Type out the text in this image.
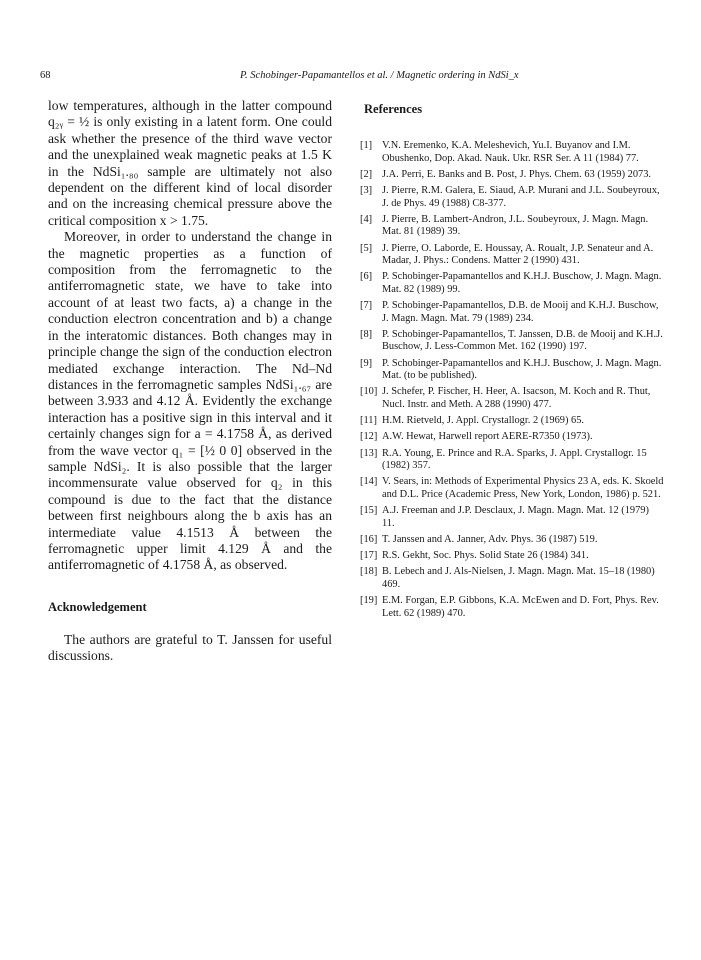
68	P. Schobinger-Papamantellos et al. / Magnetic ordering in NdSi_x

low temperatures, although in the latter compound q₂ᵧ = ½ is only existing in a latent form. One could ask whether the presence of the third wave vector and the unexplained weak magnetic peaks at 1.5 K in the NdSi₁.₈₀ sample are ultimately not also dependent on the different kind of local disorder and on the increasing chemical pressure above the critical composition x > 1.75.

Moreover, in order to understand the change in the magnetic properties as a function of composition from the ferromagnetic to the antiferromagnetic state, we have to take into account of at least two facts, a) a change in the conduction electron concentration and b) a change in the interatomic distances. Both changes may in principle change the sign of the conduction electron mediated exchange interaction. The Nd–Nd distances in the ferromagnetic samples NdSi₁.₆₇ are between 3.933 and 4.12 Å. Evidently the exchange interaction has a positive sign in this interval and it certainly changes sign for a = 4.1758 Å, as derived from the wave vector q₁ = [½ 0 0] observed in the sample NdSi₂. It is also possible that the larger incommensurate value observed for q₂ in this compound is due to the fact that the distance between first neighbours along the b axis has an intermediate value 4.1513 Å between the ferromagnetic upper limit 4.129 Å and the antiferromagnetic of 4.1758 Å, as observed.

Acknowledgement

The authors are grateful to T. Janssen for useful discussions.

References
[1] V.N. Eremenko, K.A. Meleshevich, Yu.I. Buyanov and I.M. Obushenko, Dop. Akad. Nauk. Ukr. RSR Ser. A 11 (1984) 77.
[2] J.A. Perri, E. Banks and B. Post, J. Phys. Chem. 63 (1959) 2073.
[3] J. Pierre, R.M. Galera, E. Siaud, A.P. Murani and J.L. Soubeyroux, J. de Phys. 49 (1988) C8-377.
[4] J. Pierre, B. Lambert-Andron, J.L. Soubeyroux, J. Magn. Magn. Mat. 81 (1989) 39.
[5] J. Pierre, O. Laborde, E. Houssay, A. Roualt, J.P. Senateur and A. Madar, J. Phys.: Condens. Matter 2 (1990) 431.
[6] P. Schobinger-Papamantellos and K.H.J. Buschow, J. Magn. Magn. Mat. 82 (1989) 99.
[7] P. Schobinger-Papamantellos, D.B. de Mooij and K.H.J. Buschow, J. Magn. Magn. Mat. 79 (1989) 234.
[8] P. Schobinger-Papamantellos, T. Janssen, D.B. de Mooij and K.H.J. Buschow, J. Less-Common Met. 162 (1990) 197.
[9] P. Schobinger-Papamantellos and K.H.J. Buschow, J. Magn. Magn. Mat. (to be published).
[10] J. Schefer, P. Fischer, H. Heer, A. Isacson, M. Koch and R. Thut, Nucl. Instr. and Meth. A 288 (1990) 477.
[11] H.M. Rietveld, J. Appl. Crystallogr. 2 (1969) 65.
[12] A.W. Hewat, Harwell report AERE-R7350 (1973).
[13] R.A. Young, E. Prince and R.A. Sparks, J. Appl. Crystallogr. 15 (1982) 357.
[14] V. Sears, in: Methods of Experimental Physics 23 A, eds. K. Skoeld and D.L. Price (Academic Press, New York, London, 1986) p. 521.
[15] A.J. Freeman and J.P. Desclaux, J. Magn. Magn. Mat. 12 (1979) 11.
[16] T. Janssen and A. Janner, Adv. Phys. 36 (1987) 519.
[17] R.S. Gekht, Soc. Phys. Solid State 26 (1984) 341.
[18] B. Lebech and J. Als-Nielsen, J. Magn. Magn. Mat. 15–18 (1980) 469.
[19] E.M. Forgan, E.P. Gibbons, K.A. McEwen and D. Fort, Phys. Rev. Lett. 62 (1989) 470.
